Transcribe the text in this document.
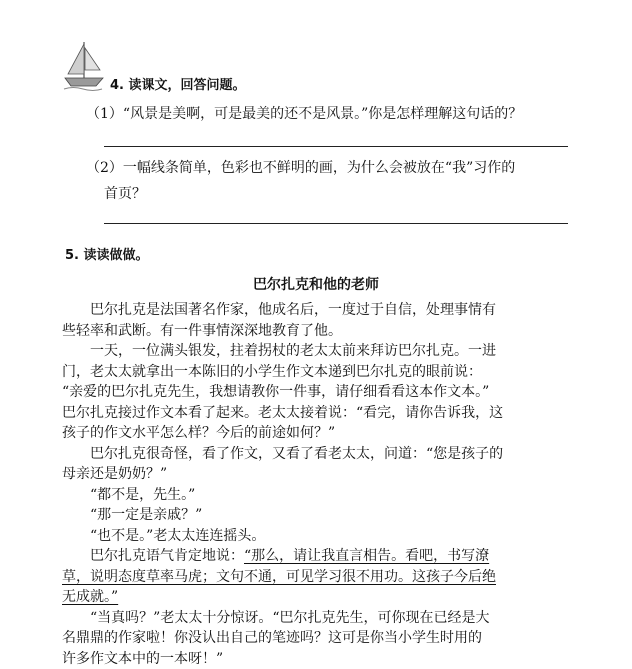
4. 读课文，回答问题。
（1）“风景是美啊，可是最美的还不是风景。”你是怎样理解这句话的？
（2）一幅线条简单，色彩也不鲜明的画，为什么会被放在“我”习作的
首页？
5. 读读做做。
巴尔扎克和他的老师

巴尔扎克是法国著名作家，他成名后，一度过于自信，处理事情有

些轻率和武断。有一件事情深深地教育了他。

一天，一位满头银发，拄着拐杖的老太太前来拜访巴尔扎克。一进

门，老太太就拿出一本陈旧的小学生作文本递到巴尔扎克的眼前说：

“亲爱的巴尔扎克先生，我想请教你一件事，请仔细看看这本作文本。”

巴尔扎克接过作文本看了起来。老太太接着说：“看完，请你告诉我，这

孩子的作文水平怎么样？今后的前途如何？”

巴尔扎克很奇怪，看了作文，又看了看老太太，问道：“您是孩子的

母亲还是奶奶？”

“都不是，先生。”

“那一定是亲戚？”

“也不是。”老太太连连摇头。

巴尔扎克语气肯定地说：“那么，请让我直言相告。看吧，书写潦

草，说明态度草率马虎；文句不通，可见学习很不用功。这孩子今后绝

无成就。”

“当真吗？”老太太十分惊讶。“巴尔扎克先生，可你现在已经是大

名鼎鼎的作家啦！你没认出自己的笔迹吗？这可是你当小学生时用的

许多作文本中的一本呀！”
